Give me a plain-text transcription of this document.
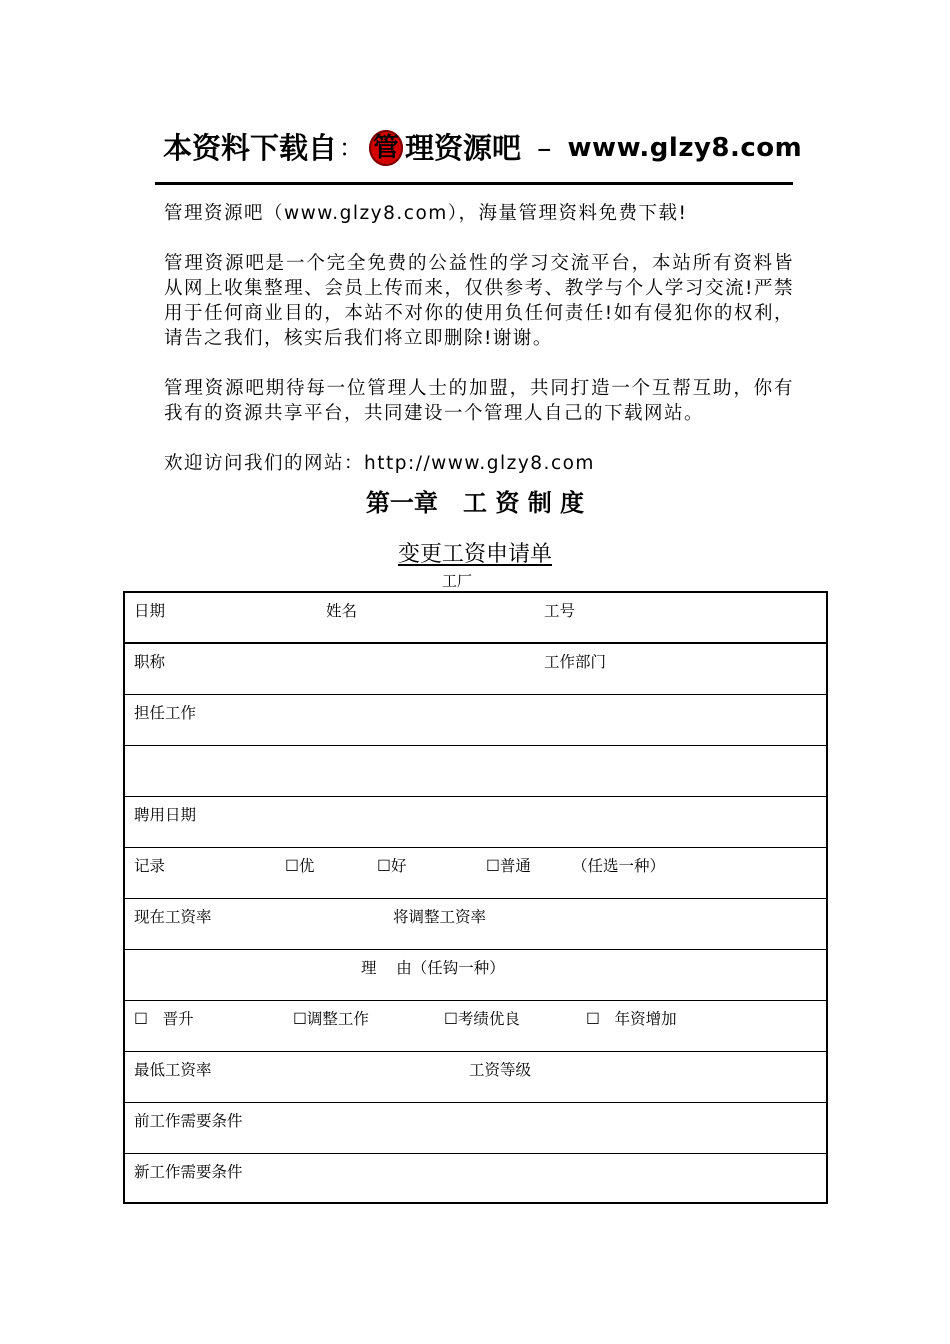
本资料下载自 ： 管 理资源吧 – www.glzy8.com
管理资源吧（www.glzy8.com），海量管理资料免费下载!
管理资源吧是一个完全免费的公益性的学习交流平台，本站所有资料皆从网上收集整理、会员上传而来，仅供参考、教学与个人学习交流!严禁用于任何商业目的，本站不对你的使用负任何责任!如有侵犯你的权利，请告之我们，核实后我们将立即删除!谢谢。
管理资源吧期待每一位管理人士的加盟，共同打造一个互帮互助，你有我有的资源共享平台，共同建设一个管理人自己的下载网站。
欢迎访问我们的网站：http://www.glzy8.com
第一章   工 资 制 度
变更工资申请单
工厂
日期	姓名	工号
职称	工作部门
担任工作
聘用日期
记录	☐优	☐好	☐普通	（任选一种）
现在工资率	将调整工资率
理    由（任钩一种）
☐   晋升	☐调整工作	☐考绩优良	☐   年资增加
最低工资率	工资等级
前工作需要条件
新工作需要条件
